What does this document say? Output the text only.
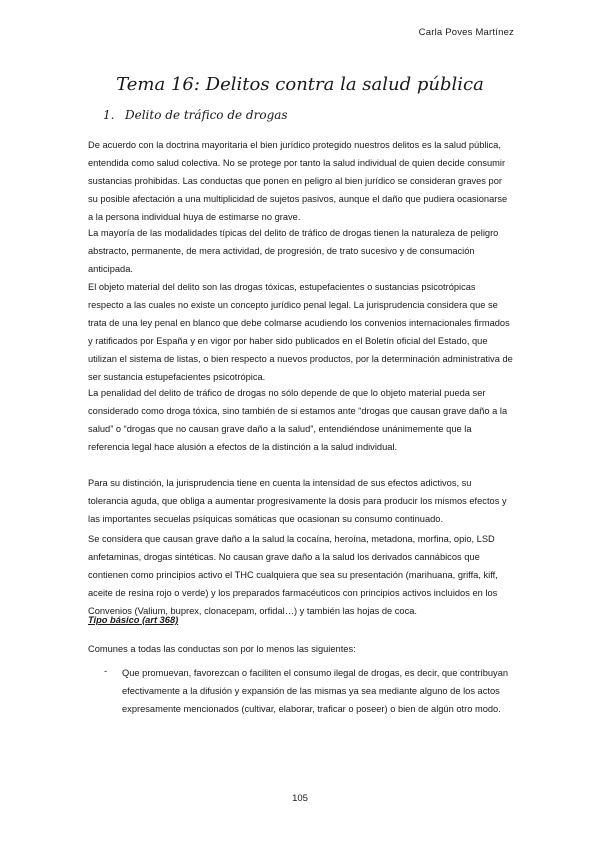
Carla Poves Martínez
Tema 16: Delitos contra la salud pública
1. Delito de tráfico de drogas

De acuerdo con la doctrina mayoritaria el bien jurídico protegido nuestros delitos es la salud pública, entendida como salud colectiva. No se protege por tanto la salud individual de quien decide consumir sustancias prohibidas. Las conductas que ponen en peligro al bien jurídico se consideran graves por su posible afectación a una multiplicidad de sujetos pasivos, aunque el daño que pudiera ocasionarse a la persona individual huya de estimarse no grave.

La mayoría de las modalidades típicas del delito de tráfico de drogas tienen la naturaleza de peligro abstracto, permanente, de mera actividad, de progresión, de trato sucesivo y de consumación anticipada.

El objeto material del delito son las drogas tóxicas, estupefacientes o sustancias psicotrópicas respecto a las cuales no existe un concepto jurídico penal legal. La jurisprudencia considera que se trata de una ley penal en blanco que debe colmarse acudiendo los convenios internacionales firmados y ratificados por España y en vigor por haber sido publicados en el Boletín oficial del Estado, que utilizan el sistema de listas, o bien respecto a nuevos productos, por la determinación administrativa de ser sustancia estupefacientes psicotrópica.

La penalidad del delito de tráfico de drogas no sólo depende de que lo objeto material pueda ser considerado como droga tóxica, sino también de si estamos ante “drogas que causan grave daño a la salud” o “drogas que no causan grave daño a la salud”, entendiéndose unánimemente que la referencia legal hace alusión a efectos de la distinción a la salud individual.

Para su distinción, la jurisprudencia tiene en cuenta la intensidad de sus efectos adictivos, su tolerancia aguda, que obliga a aumentar progresivamente la dosis para producir los mismos efectos y las importantes secuelas psíquicas somáticas que ocasionan su consumo continuado.

Se considera que causan grave daño a la salud la cocaína, heroína, metadona, morfina, opio, LSD anfetaminas, drogas sintéticas. No causan grave daño a la salud los derivados cannábicos que contienen como principios activo el THC cualquiera que sea su presentación (marihuana, griffa, kiff, aceite de resina rojo o verde) y los preparados farmacéuticos con principios activos incluidos en los Convenios (Valium, buprex, clonacepam, orfidal…) y también las hojas de coca.

Tipo básico (art 368)

Comunes a todas las conductas son por lo menos las siguientes:

- Que promuevan, favorezcan o faciliten el consumo ilegal de drogas, es decir, que contribuyan efectivamente a la difusión y expansión de las mismas ya sea mediante alguno de los actos expresamente mencionados (cultivar, elaborar, traficar o poseer) o bien de algún otro modo.

105
